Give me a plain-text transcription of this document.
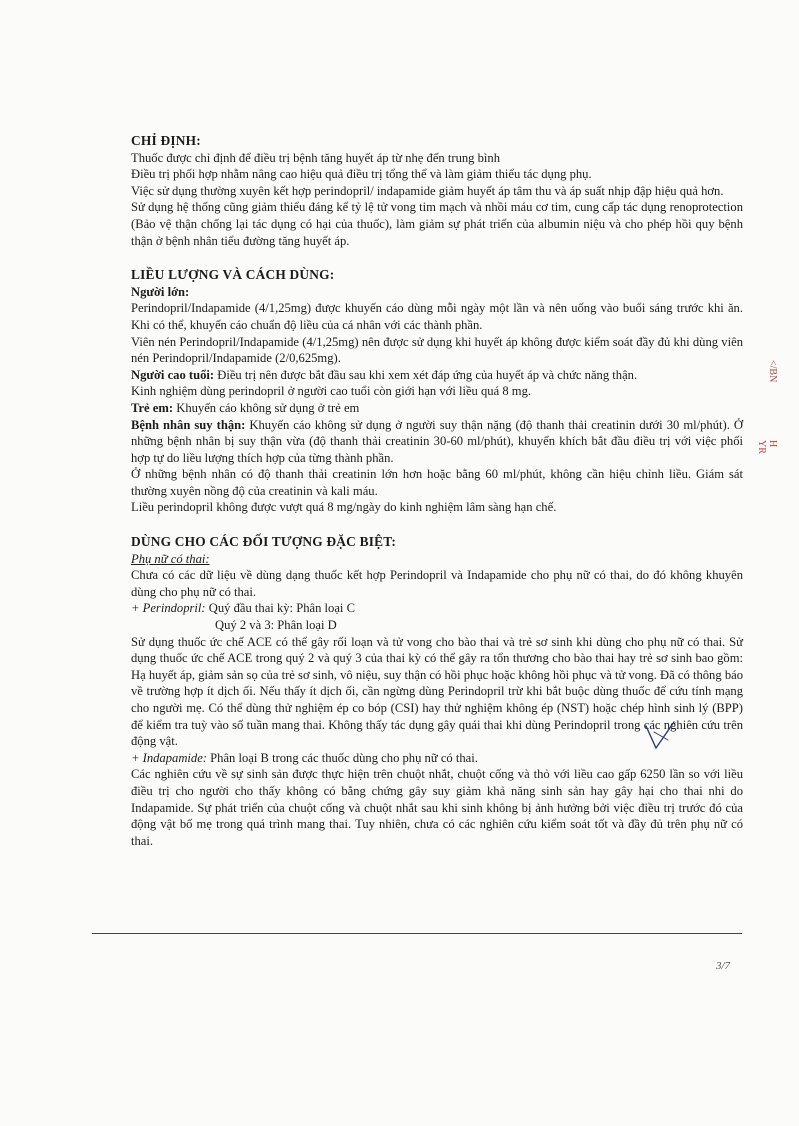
CHỈ ĐỊNH:

Thuốc được chỉ định để điều trị bệnh tăng huyết áp từ nhẹ đến trung bình

Điều trị phối hợp nhằm nâng cao hiệu quả điều trị tổng thể và làm giảm thiểu tác dụng phụ.

Việc sử dụng thường xuyên kết hợp perindopril/ indapamide giảm huyết áp tâm thu và áp suất nhịp đập hiệu quả hơn.

Sử dụng hệ thống cũng giảm thiểu đáng kể tỷ lệ tử vong tim mạch và nhồi máu cơ tim, cung cấp tác dụng renoprotection (Bảo vệ thận chống lại tác dụng có hại của thuốc), làm giảm sự phát triển của albumin niệu và cho phép hồi quy bệnh thận ở bệnh nhân tiểu đường tăng huyết áp.

LIỀU LƯỢNG VÀ CÁCH DÙNG:

Người lớn:

Perindopril/Indapamide (4/1,25mg) được khuyến cáo dùng mỗi ngày một lần và nên uống vào buổi sáng trước khi ăn. Khi có thể, khuyến cáo chuẩn độ liều của cá nhân với các thành phần.

Viên nén Perindopril/Indapamide (4/1,25mg) nên được sử dụng khi huyết áp không được kiểm soát đầy đủ khi dùng viên nén Perindopril/Indapamide (2/0,625mg).

Người cao tuổi: Điều trị nên được bắt đầu sau khi xem xét đáp ứng của huyết áp và chức năng thận.

Kinh nghiệm dùng perindopril ở người cao tuổi còn giới hạn với liều quá 8 mg.

Trẻ em: Khuyến cáo không sử dụng ở trẻ em

Bệnh nhân suy thận: Khuyến cáo không sử dụng ở người suy thận nặng (độ thanh thải creatinin dưới 30 ml/phút). Ở những bệnh nhân bị suy thận vừa (độ thanh thải creatinin 30-60 ml/phút), khuyến khích bắt đầu điều trị với việc phối hợp tự do liều lượng thích hợp của từng thành phần.

Ở những bệnh nhân có độ thanh thải creatinin lớn hơn hoặc bằng 60 ml/phút, không cần hiệu chỉnh liều. Giám sát thường xuyên nồng độ của creatinin và kali máu.

Liều perindopril không được vượt quá 8 mg/ngày do kinh nghiệm lâm sàng hạn chế.

DÙNG CHO CÁC ĐỐI TƯỢNG ĐẶC BIỆT:

Phụ nữ có thai:

Chưa có các dữ liệu về dùng dạng thuốc kết hợp Perindopril và Indapamide cho phụ nữ có thai, do đó không khuyên dùng cho phụ nữ có thai.

+ Perindopril: Quý đầu thai kỳ: Phân loại C

Quý 2 và 3: Phân loại D

Sử dụng thuốc ức chế ACE có thể gây rối loạn và tử vong cho bào thai và trẻ sơ sinh khi dùng cho phụ nữ có thai. Sử dụng thuốc ức chế ACE trong quý 2 và quý 3 của thai kỳ có thể gây ra tổn thương cho bào thai hay trẻ sơ sinh bao gồm: Hạ huyết áp, giảm sản sọ của trẻ sơ sinh, vô niệu, suy thận có hồi phục hoặc không hồi phục và tử vong. Đã có thông báo về trường hợp ít dịch ối. Nếu thấy ít dịch ối, cần ngừng dùng Perindopril trừ khi bắt buộc dùng thuốc để cứu tính mạng cho người mẹ. Có thể dùng thử nghiệm ép co bóp (CSI) hay thử nghiệm không ép (NST) hoặc chép hình sinh lý (BPP) để kiểm tra tuỳ vào số tuần mang thai. Không thấy tác dụng gây quái thai khi dùng Perindopril trong các nghiên cứu trên động vật.

+ Indapamide: Phân loại B trong các thuốc dùng cho phụ nữ có thai.

Các nghiên cứu về sự sinh sản được thực hiện trên chuột nhắt, chuột cống và thỏ với liều cao gấp 6250 lần so với liều điều trị cho người cho thấy không có bằng chứng gây suy giảm khả năng sinh sản hay gây hại cho thai nhi do Indapamide. Sự phát triển của chuột cống và chuột nhắt sau khi sinh không bị ảnh hưởng bởi việc điều trị trước đó của động vật bố mẹ trong quá trình mang thai. Tuy nhiên, chưa có các nghiên cứu kiểm soát tốt và đầy đủ trên phụ nữ có thai.

</BN
H YR
3/7
